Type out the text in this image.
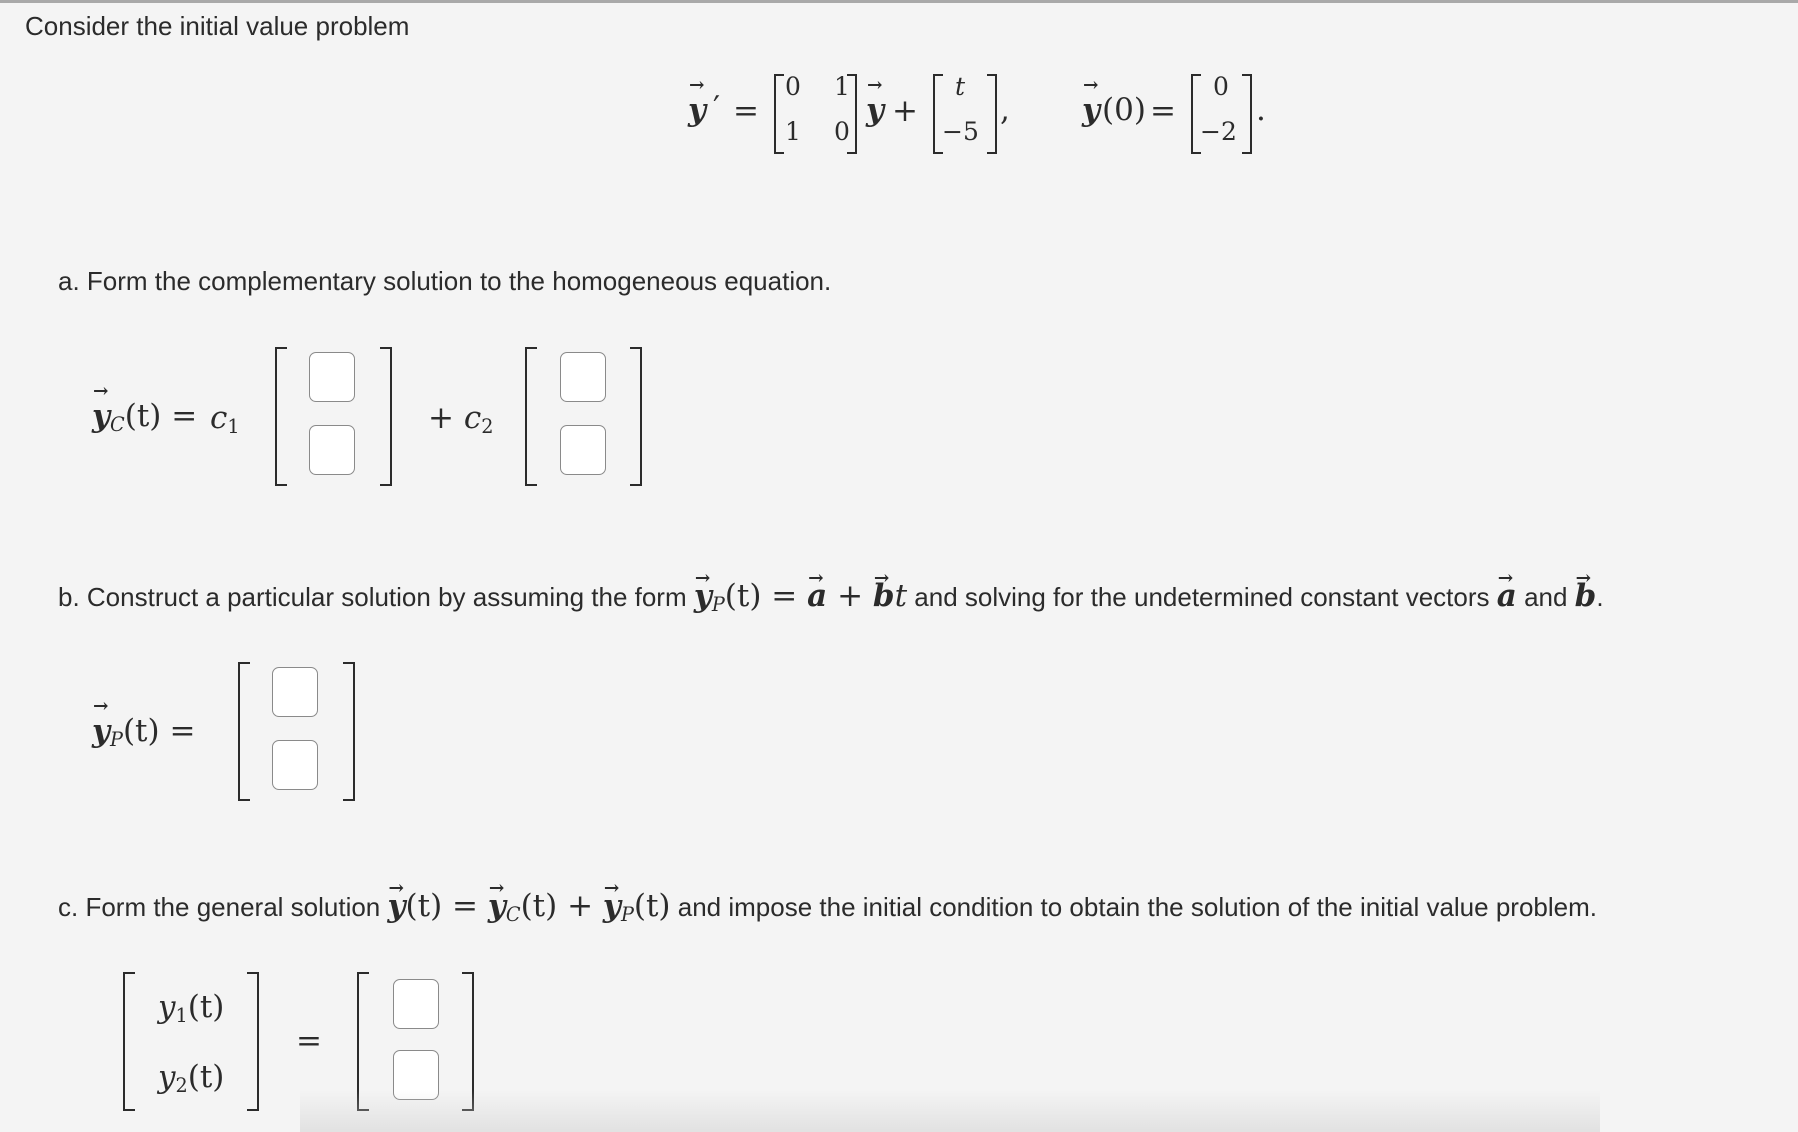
Consider the initial value problem
→ y ′ =
0 1
1 0
→ y +
t
−5
,
→ y (0) =
0
−2
.
a. Form the complementary solution to the homogeneous equation.
→ $y_C(t) = c_1$	+ $c_2$
b. Construct a particular solution by assuming the form → $y_P(t)$ = → a + → bt and solving for the undetermined constant vectors → a and → b.
→ $y_P(t)$ =
c. Form the general solution → y(t) = → $y_C(t)$ + → $y_P(t)$ and impose the initial condition to obtain the solution of the initial value problem.
$y_1(t)$
$y_2(t)$
=
